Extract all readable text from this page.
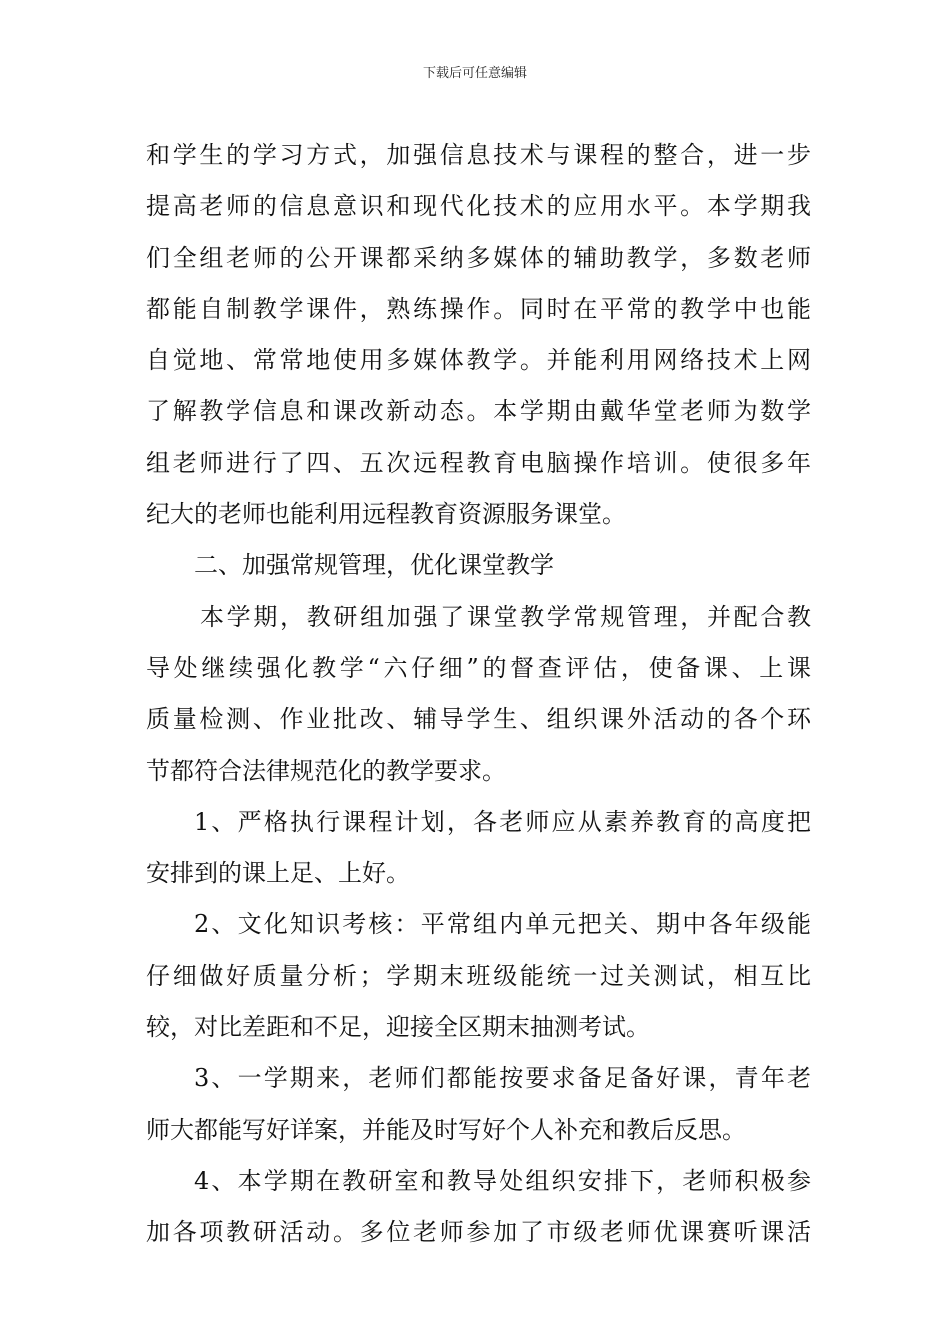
下载后可任意编辑
和学生的学习方式，加强信息技术与课程的整合，进一步
提高老师的信息意识和现代化技术的应用水平。本学期我
们全组老师的公开课都采纳多媒体的辅助教学，多数老师
都能自制教学课件，熟练操作。同时在平常的教学中也能
自觉地、常常地使用多媒体教学。并能利用网络技术上网
了解教学信息和课改新动态。本学期由戴华堂老师为数学
组老师进行了四、五次远程教育电脑操作培训。使很多年
纪大的老师也能利用远程教育资源服务课堂。
二、加强常规管理，优化课堂教学
本学期，教研组加强了课堂教学常规管理，并配合教
导处继续强化教学“六仔细”的督查评估，使备课、上课
质量检测、作业批改、辅导学生、组织课外活动的各个环
节都符合法律规范化的教学要求。
1、严格执行课程计划，各老师应从素养教育的高度把
安排到的课上足、上好。
2、文化知识考核：平常组内单元把关、期中各年级能
仔细做好质量分析；学期末班级能统一过关测试，相互比
较，对比差距和不足，迎接全区期末抽测考试。
3、一学期来，老师们都能按要求备足备好课，青年老
师大都能写好详案，并能及时写好个人补充和教后反思。
4、本学期在教研室和教导处组织安排下，老师积极参
加各项教研活动。多位老师参加了市级老师优课赛听课活
